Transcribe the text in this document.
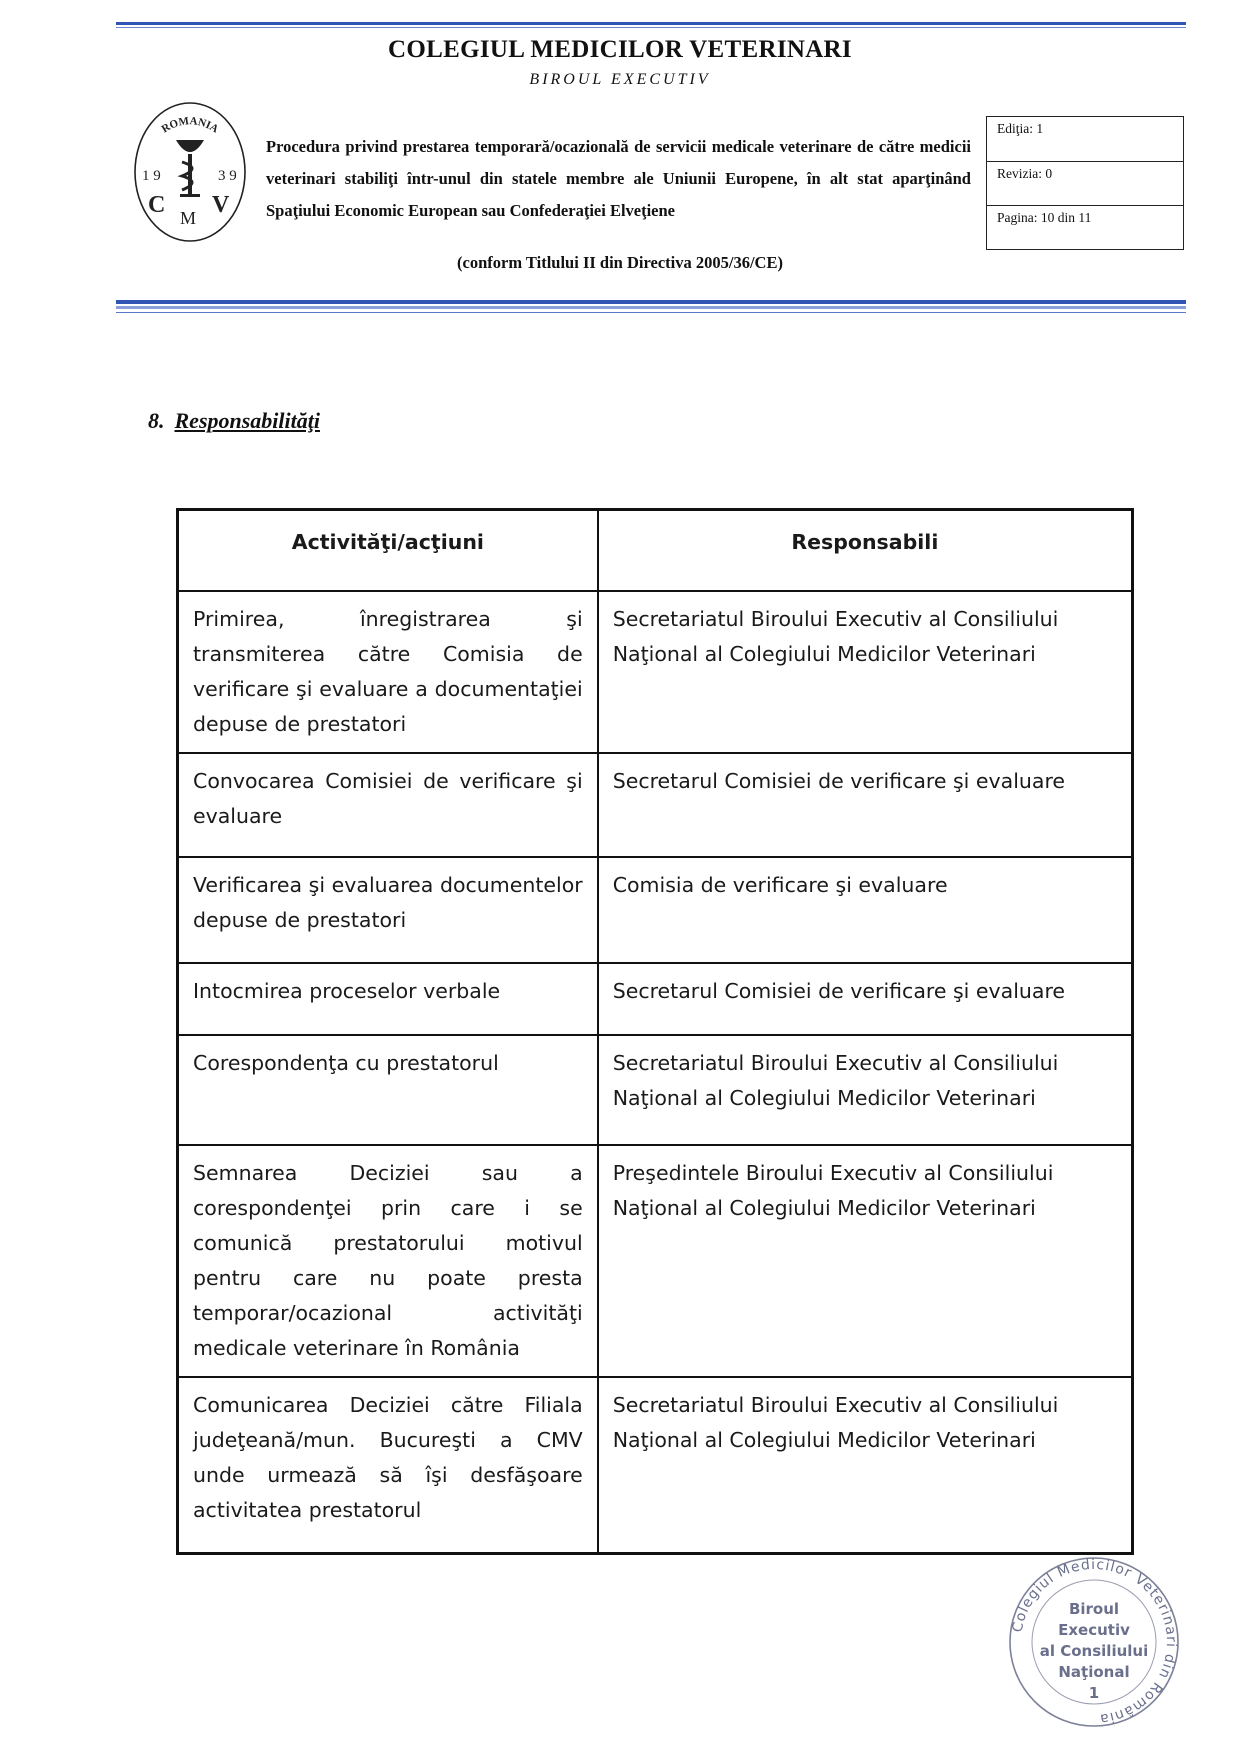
COLEGIUL MEDICILOR VETERINARI
BIROUL EXECUTIV
ROMANIA
1 9	3 9
C M V
Procedura privind prestarea temporară/ocazională de servicii medicale veterinare de către medicii veterinari stabiliţi într-unul din statele membre ale Uniunii Europene, în alt stat aparţinând Spaţiului Economic European sau Confederaţiei Elveţiene
Ediţia: 1
Revizia: 0
Pagina: 10 din 11
(conform Titlului II din Directiva 2005/36/CE)
8. Responsabilităţi
Activităţi/acţiuni	Responsabili
Primirea, înregistrarea şi transmiterea către Comisia de verificare şi evaluare a documentaţiei depuse de prestatori	Secretariatul Biroului Executiv al Consiliului Naţional al Colegiului Medicilor Veterinari
Convocarea Comisiei de verificare şi evaluare	Secretarul Comisiei de verificare şi evaluare
Verificarea şi evaluarea documentelor depuse de prestatori	Comisia de verificare şi evaluare
Intocmirea proceselor verbale	Secretarul Comisiei de verificare şi evaluare
Corespondenţa cu prestatorul	Secretariatul Biroului Executiv al Consiliului Naţional al Colegiului Medicilor Veterinari
Semnarea Deciziei sau a corespondenţei prin care i se comunică prestatorului motivul pentru care nu poate presta temporar/ocazional activităţi medicale veterinare în România	Preşedintele Biroului Executiv al Consiliului Naţional al Colegiului Medicilor Veterinari
Comunicarea Deciziei către Filiala judeţeană/mun. Bucureşti a CMV unde urmează să îşi desfăşoare activitatea prestatorul	Secretariatul Biroului Executiv al Consiliului Naţional al Colegiului Medicilor Veterinari
Colegiul Medicilor Veterinari din România
Biroul
Executiv
al Consiliului
Naţional
1
